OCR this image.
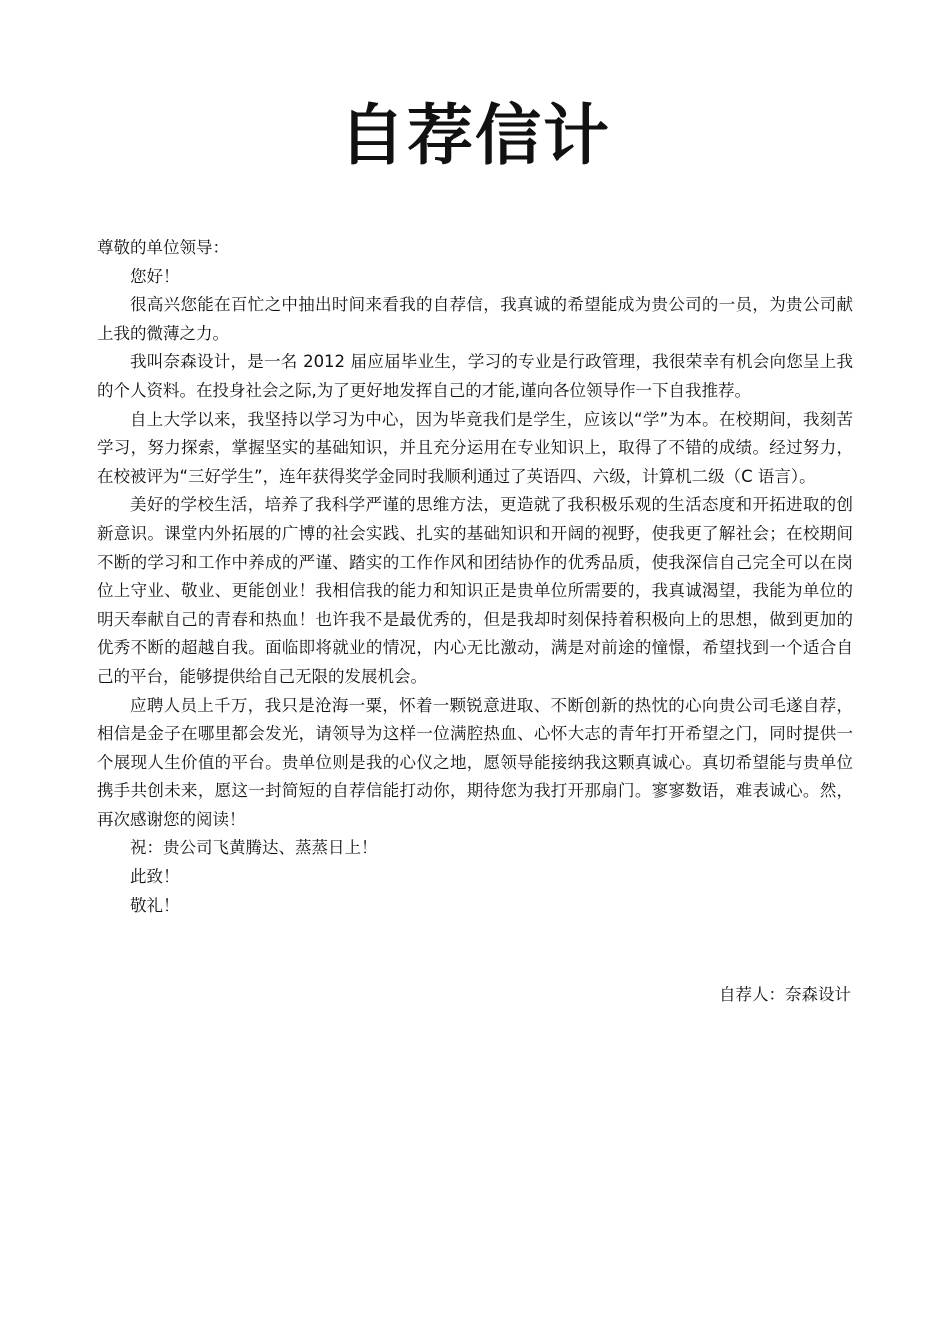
自荐信计

尊敬的单位领导：

您好！

很高兴您能在百忙之中抽出时间来看我的自荐信，我真诚的希望能成为贵公司的一员，为贵公司献上我的微薄之力。

我叫奈森设计，是一名 2012 届应届毕业生，学习的专业是行政管理，我很荣幸有机会向您呈上我的个人资料。在投身社会之际,为了更好地发挥自己的才能,谨向各位领导作一下自我推荐。

自上大学以来，我坚持以学习为中心，因为毕竟我们是学生，应该以“学”为本。在校期间，我刻苦学习，努力探索，掌握坚实的基础知识，并且充分运用在专业知识上，取得了不错的成绩。经过努力，在校被评为“三好学生”，连年获得奖学金同时我顺利通过了英语四、六级，计算机二级（C 语言）。

美好的学校生活，培养了我科学严谨的思维方法，更造就了我积极乐观的生活态度和开拓进取的创新意识。课堂内外拓展的广博的社会实践、扎实的基础知识和开阔的视野，使我更了解社会；在校期间不断的学习和工作中养成的严谨、踏实的工作作风和团结协作的优秀品质，使我深信自己完全可以在岗位上守业、敬业、更能创业！我相信我的能力和知识正是贵单位所需要的，我真诚渴望，我能为单位的明天奉献自己的青春和热血！也许我不是最优秀的，但是我却时刻保持着积极向上的思想，做到更加的优秀不断的超越自我。面临即将就业的情况，内心无比激动，满是对前途的憧憬，希望找到一个适合自己的平台，能够提供给自己无限的发展机会。

应聘人员上千万，我只是沧海一粟，怀着一颗锐意进取、不断创新的热忱的心向贵公司毛遂自荐，相信是金子在哪里都会发光，请领导为这样一位满腔热血、心怀大志的青年打开希望之门，同时提供一个展现人生价值的平台。贵单位则是我的心仪之地，愿领导能接纳我这颗真诚心。真切希望能与贵单位携手共创未来，愿这一封简短的自荐信能打动你，期待您为我打开那扇门。寥寥数语，难表诚心。然，再次感谢您的阅读！

祝：贵公司飞黄腾达、蒸蒸日上！

此致！

敬礼！

自荐人：奈森设计
